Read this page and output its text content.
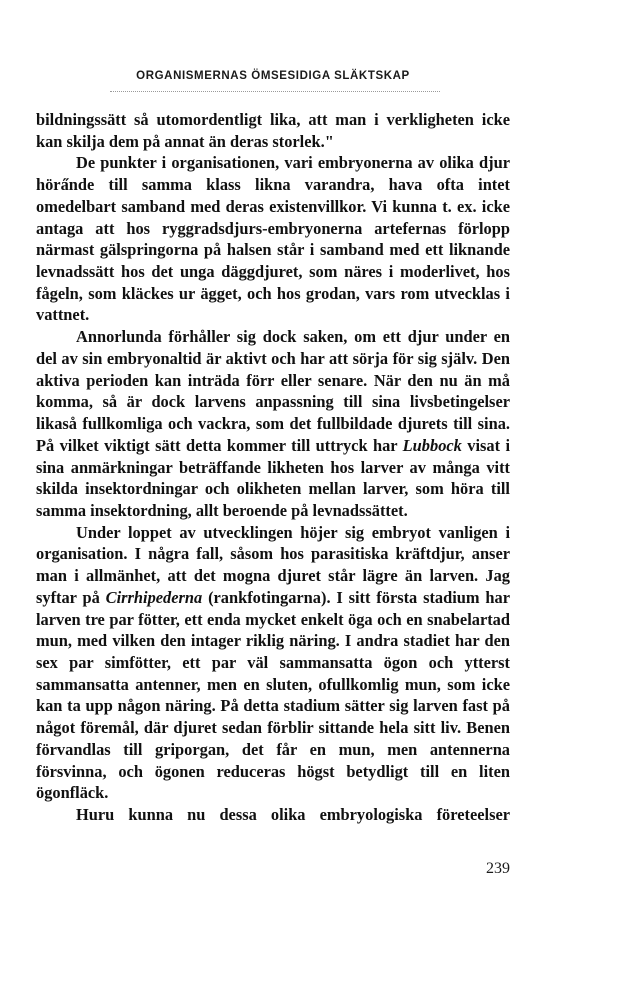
ORGANISMERNAS ÖMSESIDIGA SLÄKTSKAP

bildningssätt så utomordentligt lika, att man i verkligheten icke kan skilja dem på annat än deras storlek."

De punkter i organisationen, vari embryonerna av olika djur höra̋nde till samma klass likna varandra, hava ofta intet omedelbart samband med deras existenvillkor. Vi kunna t. ex. icke antaga att hos ryggradsdjurs-embryonerna artefernas förlopp närmast gälspringorna på halsen står i samband med ett liknande levnadssätt hos det unga däggdjuret, som näres i moderlivet, hos fågeln, som kläckes ur ägget, och hos grodan, vars rom utvecklas i vattnet.

Annorlunda förhåller sig dock saken, om ett djur under en del av sin embryonaltid är aktivt och har att sörja för sig själv. Den aktiva perioden kan inträda förr eller senare. När den nu än må komma, så är dock larvens anpassning till sina livsbetingelser likaså fullkomliga och vackra, som det fullbildade djurets till sina. På vilket viktigt sätt detta kommer till uttryck har Lubbock visat i sina anmärkningar beträffande likheten hos larver av många vitt skilda insektordningar och olikheten mellan larver, som höra till samma insektordning, allt beroende på levnadssättet.

Under loppet av utvecklingen höjer sig embryot vanligen i organisation. I några fall, såsom hos parasitiska kräftdjur, anser man i allmänhet, att det mogna djuret står lägre än larven. Jag syftar på Cirrhipederna (rankfotingarna). I sitt första stadium har larven tre par fötter, ett enda mycket enkelt öga och en snabelartad mun, med vilken den intager riklig näring. I andra stadiet har den sex par simfötter, ett par väl sammansatta ögon och ytterst sammansatta antenner, men en sluten, ofullkomlig mun, som icke kan ta upp någon näring. På detta stadium sätter sig larven fast på något föremål, där djuret sedan förblir sittande hela sitt liv. Benen förvandlas till griporgan, det får en mun, men antennerna försvinna, och ögonen reduceras högst betydligt till en liten ögonfläck.

Huru kunna nu dessa olika embryologiska företeelser

239
